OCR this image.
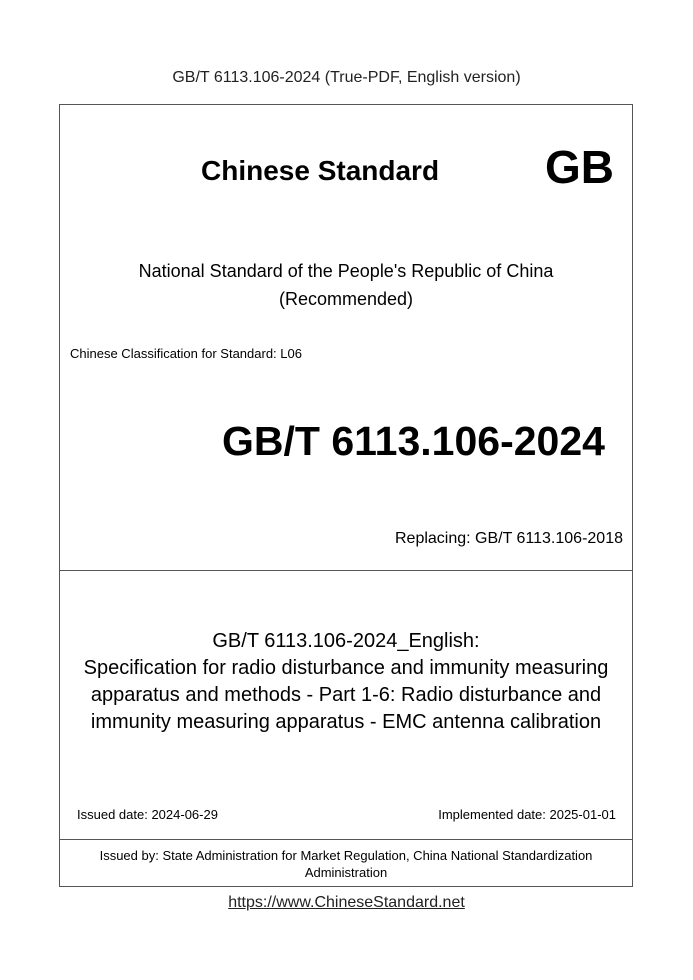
GB/T 6113.106-2024 (True-PDF, English version)
Chinese Standard GB
National Standard of the People's Republic of China
(Recommended)
Chinese Classification for Standard: L06
GB/T 6113.106-2024
Replacing: GB/T 6113.106-2018
GB/T 6113.106-2024_English:
Specification for radio disturbance and immunity measuring
apparatus and methods - Part 1-6: Radio disturbance and
immunity measuring apparatus - EMC antenna calibration
Issued date: 2024-06-29	Implemented date: 2025-01-01
Issued by: State Administration for Market Regulation, China National Standardization
Administration
https://www.ChineseStandard.net
